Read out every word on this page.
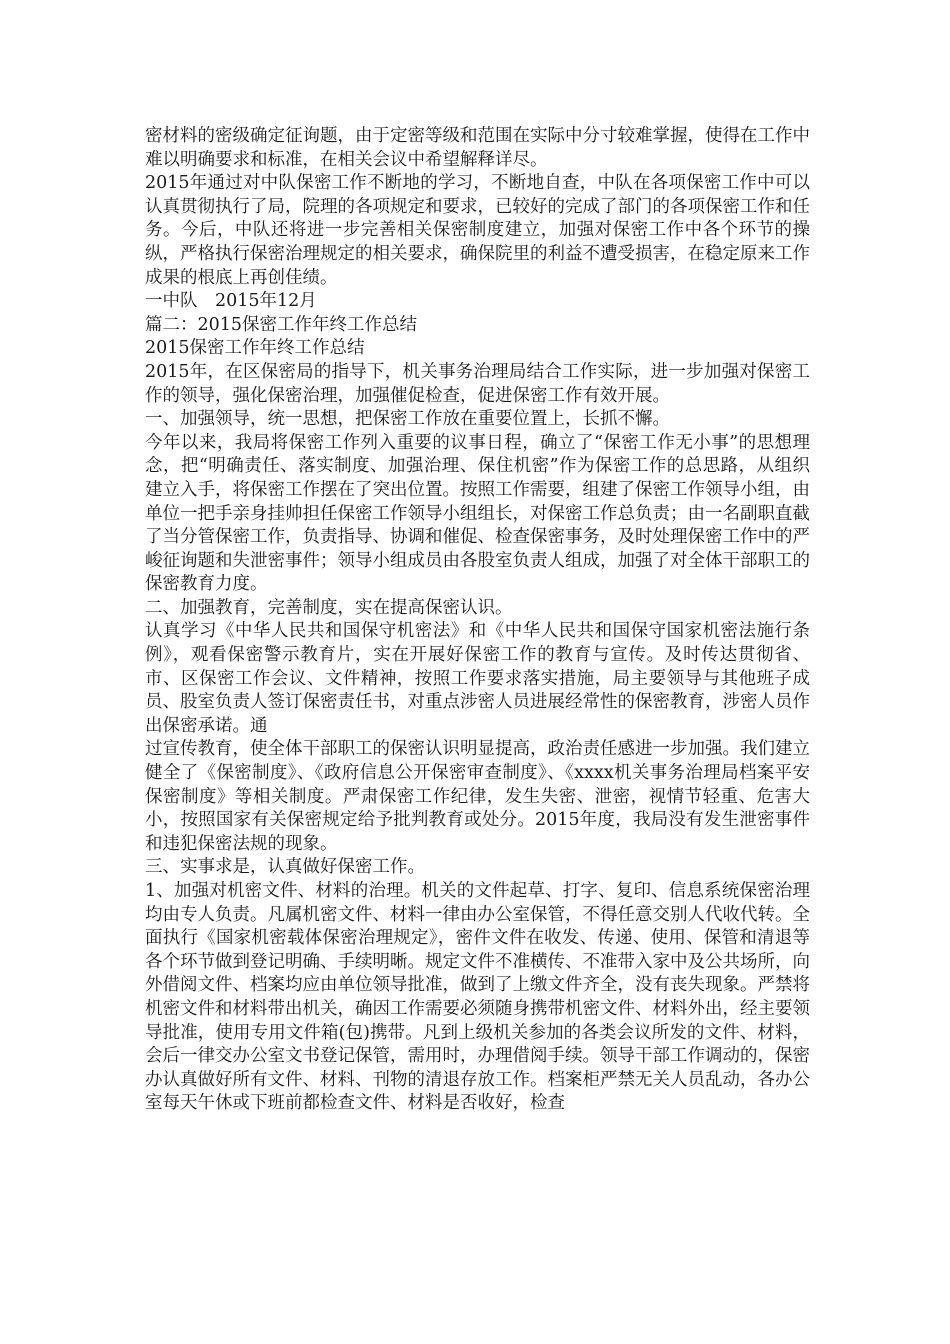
密材料的密级确定征询题，由于定密等级和范围在实际中分寸较难掌握，使得在工作中难以明确要求和标准，在相关会议中希望解释详尽。

2015年通过对中队保密工作不断地的学习，不断地自查，中队在各项保密工作中可以认真贯彻执行了局，院理的各项规定和要求，已较好的完成了部门的各项保密工作和任务。今后，中队还将进一步完善相关保密制度建立，加强对保密工作中各个环节的操纵，严格执行保密治理规定的相关要求，确保院里的利益不遭受损害，在稳定原来工作成果的根底上再创佳绩。

一中队　2015年12月

篇二：2015保密工作年终工作总结

2015保密工作年终工作总结

2015年，在区保密局的指导下，机关事务治理局结合工作实际，进一步加强对保密工作的领导，强化保密治理，加强催促检查，促进保密工作有效开展。

一、加强领导，统一思想，把保密工作放在重要位置上，长抓不懈。

今年以来，我局将保密工作列入重要的议事日程，确立了“保密工作无小事”的思想理念，把“明确责任、落实制度、加强治理、保住机密”作为保密工作的总思路，从组织建立入手，将保密工作摆在了突出位置。按照工作需要，组建了保密工作领导小组，由单位一把手亲身挂帅担任保密工作领导小组组长，对保密工作总负责；由一名副职直截了当分管保密工作，负责指导、协调和催促、检查保密事务，及时处理保密工作中的严峻征询题和失泄密事件；领导小组成员由各股室负责人组成，加强了对全体干部职工的保密教育力度。

二、加强教育，完善制度，实在提高保密认识。

认真学习《中华人民共和国保守机密法》和《中华人民共和国保守国家机密法施行条例》，观看保密警示教育片，实在开展好保密工作的教育与宣传。及时传达贯彻省、市、区保密工作会议、文件精神，按照工作要求落实措施，局主要领导与其他班子成员、股室负责人签订保密责任书，对重点涉密人员进展经常性的保密教育，涉密人员作出保密承诺。通

过宣传教育，使全体干部职工的保密认识明显提高，政治责任感进一步加强。我们建立健全了《保密制度》、《政府信息公开保密审查制度》、《xxxx机关事务治理局档案平安保密制度》等相关制度。严肃保密工作纪律，发生失密、泄密，视情节轻重、危害大小，按照国家有关保密规定给予批判教育或处分。2015年度，我局没有发生泄密事件和违犯保密法规的现象。

三、实事求是，认真做好保密工作。

1、加强对机密文件、材料的治理。机关的文件起草、打字、复印、信息系统保密治理均由专人负责。凡属机密文件、材料一律由办公室保管，不得任意交别人代收代转。全面执行《国家机密载体保密治理规定》，密件文件在收发、传递、使用、保管和清退等各个环节做到登记明确、手续明晰。规定文件不准横传、不准带入家中及公共场所，向外借阅文件、档案均应由单位领导批准，做到了上缴文件齐全，没有丧失现象。严禁将机密文件和材料带出机关，确因工作需要必须随身携带机密文件、材料外出，经主要领导批准，使用专用文件箱(包)携带。凡到上级机关参加的各类会议所发的文件、材料，会后一律交办公室文书登记保管，需用时，办理借阅手续。领导干部工作调动的，保密办认真做好所有文件、材料、刊物的清退存放工作。档案柜严禁无关人员乱动，各办公室每天午休或下班前都检查文件、材料是否收好，检查
